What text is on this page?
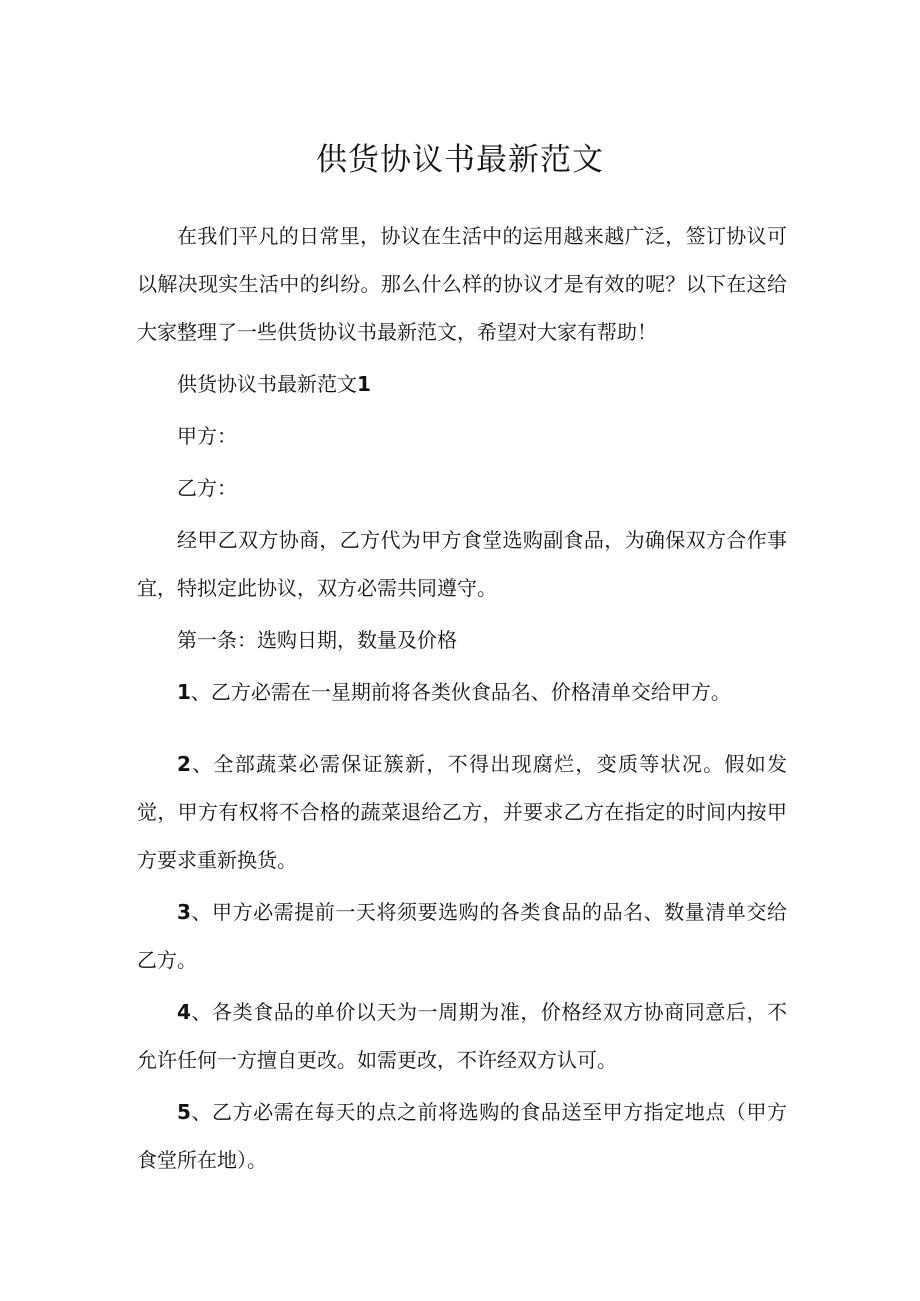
供货协议书最新范文

在我们平凡的日常里，协议在生活中的运用越来越广泛，签订协议可以解决现实生活中的纠纷。那么什么样的协议才是有效的呢？以下在这给大家整理了一些供货协议书最新范文，希望对大家有帮助！

供货协议书最新范文1

甲方：

乙方：

经甲乙双方协商，乙方代为甲方食堂选购副食品，为确保双方合作事宜，特拟定此协议，双方必需共同遵守。

第一条：选购日期，数量及价格

1、乙方必需在一星期前将各类伙食品名、价格清单交给甲方。

2、全部蔬菜必需保证簇新，不得出现腐烂，变质等状况。假如发觉，甲方有权将不合格的蔬菜退给乙方，并要求乙方在指定的时间内按甲方要求重新换货。

3、甲方必需提前一天将须要选购的各类食品的品名、数量清单交给乙方。

4、各类食品的单价以天为一周期为准，价格经双方协商同意后，不允许任何一方擅自更改。如需更改，不许经双方认可。

5、乙方必需在每天的点之前将选购的食品送至甲方指定地点（甲方食堂所在地）。
